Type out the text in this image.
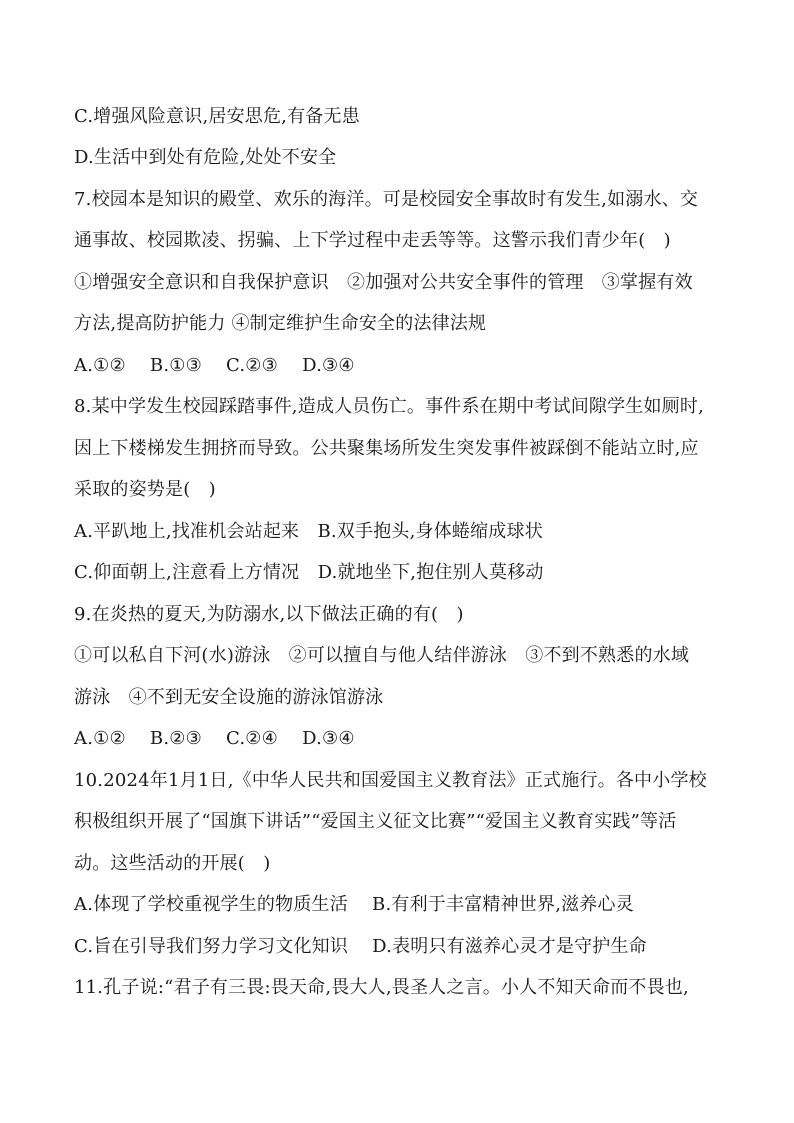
C.增强风险意识,居安思危,有备无患
D.生活中到处有危险,处处不安全
7.校园本是知识的殿堂、欢乐的海洋。可是校园安全事故时有发生,如溺水、交
通事故、校园欺凌、拐骗、上下学过程中走丢等等。这警示我们青少年(　)
①增强安全意识和自我保护意识　②加强对公共安全事件的管理　③掌握有效
方法,提高防护能力 ④制定维护生命安全的法律法规
A.①②　 B.①③　 C.②③　 D.③④
8.某中学发生校园踩踏事件,造成人员伤亡。事件系在期中考试间隙学生如厕时,
因上下楼梯发生拥挤而导致。公共聚集场所发生突发事件被踩倒不能站立时,应
采取的姿势是(　)
A.平趴地上,找准机会站起来　B.双手抱头,身体蜷缩成球状
C.仰面朝上,注意看上方情况　D.就地坐下,抱住别人莫移动
9.在炎热的夏天,为防溺水,以下做法正确的有(　)
①可以私自下河(水)游泳　②可以擅自与他人结伴游泳　③不到不熟悉的水域
游泳　④不到无安全设施的游泳馆游泳
A.①②　 B.②③　 C.②④　 D.③④
10.2024年1月1日,《中华人民共和国爱国主义教育法》正式施行。各中小学校
积极组织开展了“国旗下讲话”“爱国主义征文比赛”“爱国主义教育实践”等活
动。这些活动的开展(　)
A.体现了学校重视学生的物质生活　 B.有利于丰富精神世界,滋养心灵
C.旨在引导我们努力学习文化知识　 D.表明只有滋养心灵才是守护生命
11.孔子说:“君子有三畏:畏天命,畏大人,畏圣人之言。小人不知天命而不畏也,
